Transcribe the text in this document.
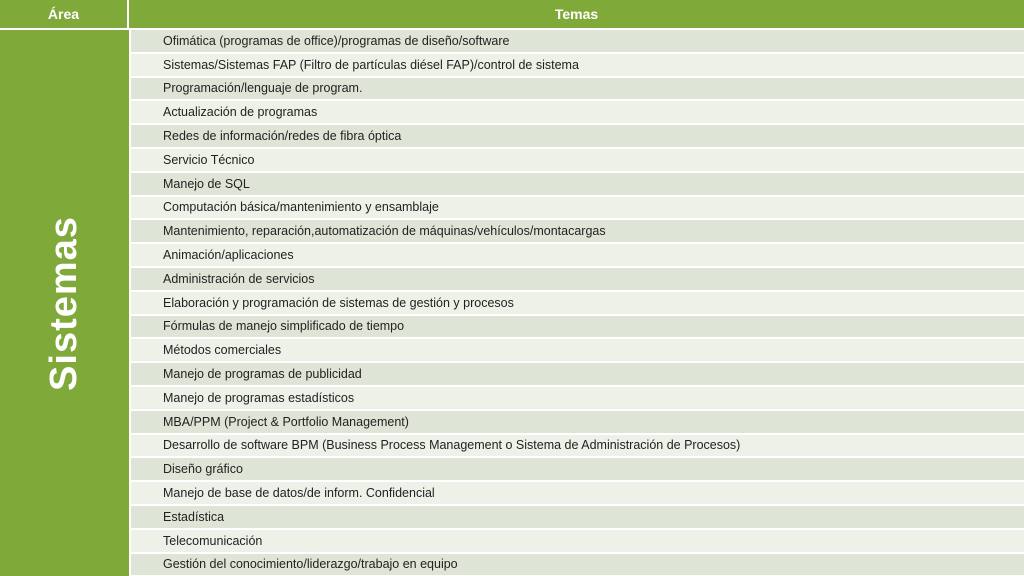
Área	Temas
Sistemas
Ofimática (programas de office)/programas de diseño/software
Sistemas/Sistemas FAP (Filtro de partículas diésel FAP)/control de sistema
Programación/lenguaje de program.
Actualización de programas
Redes de información/redes de fibra óptica
Servicio Técnico
Manejo de SQL
Computación básica/mantenimiento y ensamblaje
Mantenimiento, reparación,automatización de máquinas/vehículos/montacargas
Animación/aplicaciones
Administración de servicios
Elaboración y programación de sistemas de gestión y procesos
Fórmulas de manejo simplificado de tiempo
Métodos comerciales
Manejo de programas de publicidad
Manejo de programas estadísticos
MBA/PPM (Project & Portfolio Management)
Desarrollo de software BPM (Business Process Management o Sistema de Administración de Procesos)
Diseño gráfico
Manejo de base de datos/de inform. Confidencial
Estadística
Telecomunicación
Gestión del conocimiento/liderazgo/trabajo en equipo
